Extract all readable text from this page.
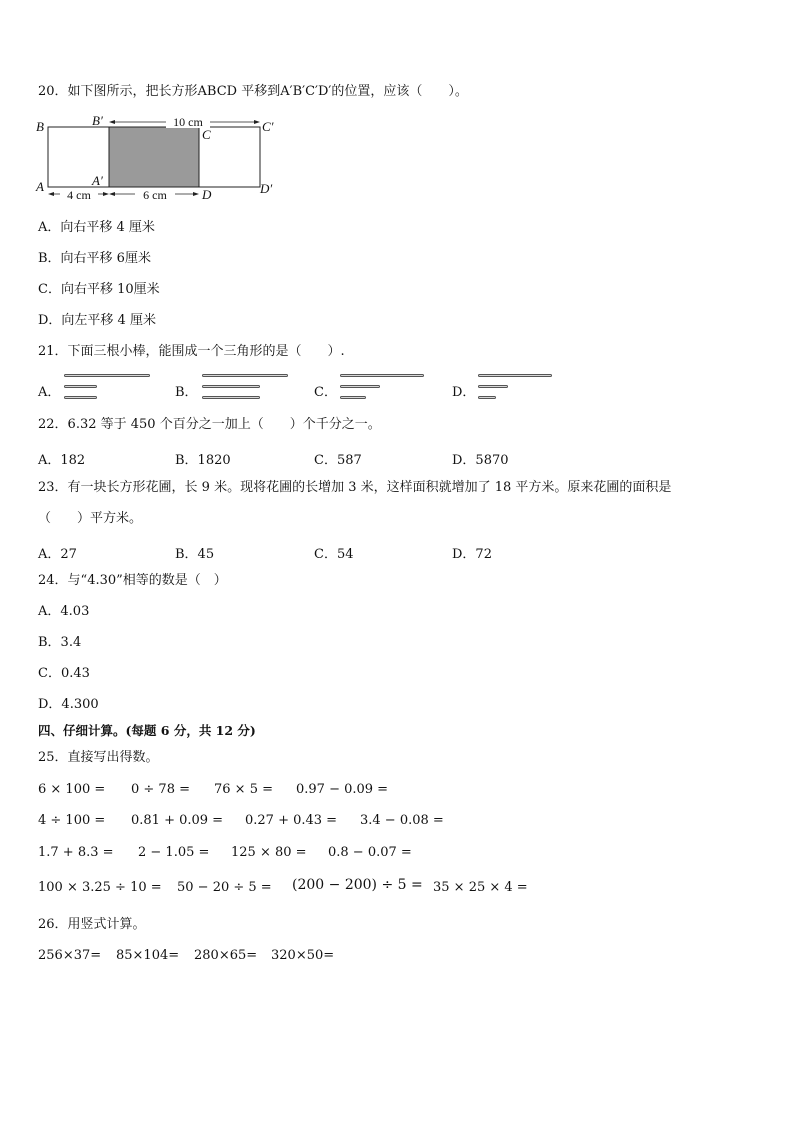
20．如下图所示，把长方形ABCD 平移到A′B′C′D′的位置，应该（　　）。
10 cm
4 cm	6 cm
B	B′
C
C′
A	A′
D	D′
A．向右平移 4 厘米
B．向右平移 6厘米
C．向右平移 10厘米
D．向左平移 4 厘米
21．下面三根小棒，能围成一个三角形的是（　　）.
A．	B．	C．	D．
22．6.32 等于 450 个百分之一加上（　　）个千分之一。
A．182	B．1820	C．587	D．5870
23．有一块长方形花圃，长 9 米。现将花圃的长增加 3 米，这样面积就增加了 18 平方米。原来花圃的面积是
（　　）平方米。
A．27	B．45	C．54	D．72
24．与“4.30”相等的数是（　）
A．4.03
B．3.4
C．0.43
D．4.300
四、仔细计算。(每题 6 分，共 12 分)
25．直接写出得数。
6 × 100 = 0 ÷ 78 = 76 × 5 = 0.97 − 0.09 =
4 ÷ 100 = 0.81 + 0.09 = 0.27 + 0.43 = 3.4 − 0.08 =
1.7 + 8.3 = 2 − 1.05 = 125 × 80 = 0.8 − 0.07 =
100 × 3.25 ÷ 10 = 50 − 20 ÷ 5 = (200 − 200) ÷ 5 = 35 × 25 × 4 =
26．用竖式计算。
256×37= 85×104= 280×65= 320×50=
